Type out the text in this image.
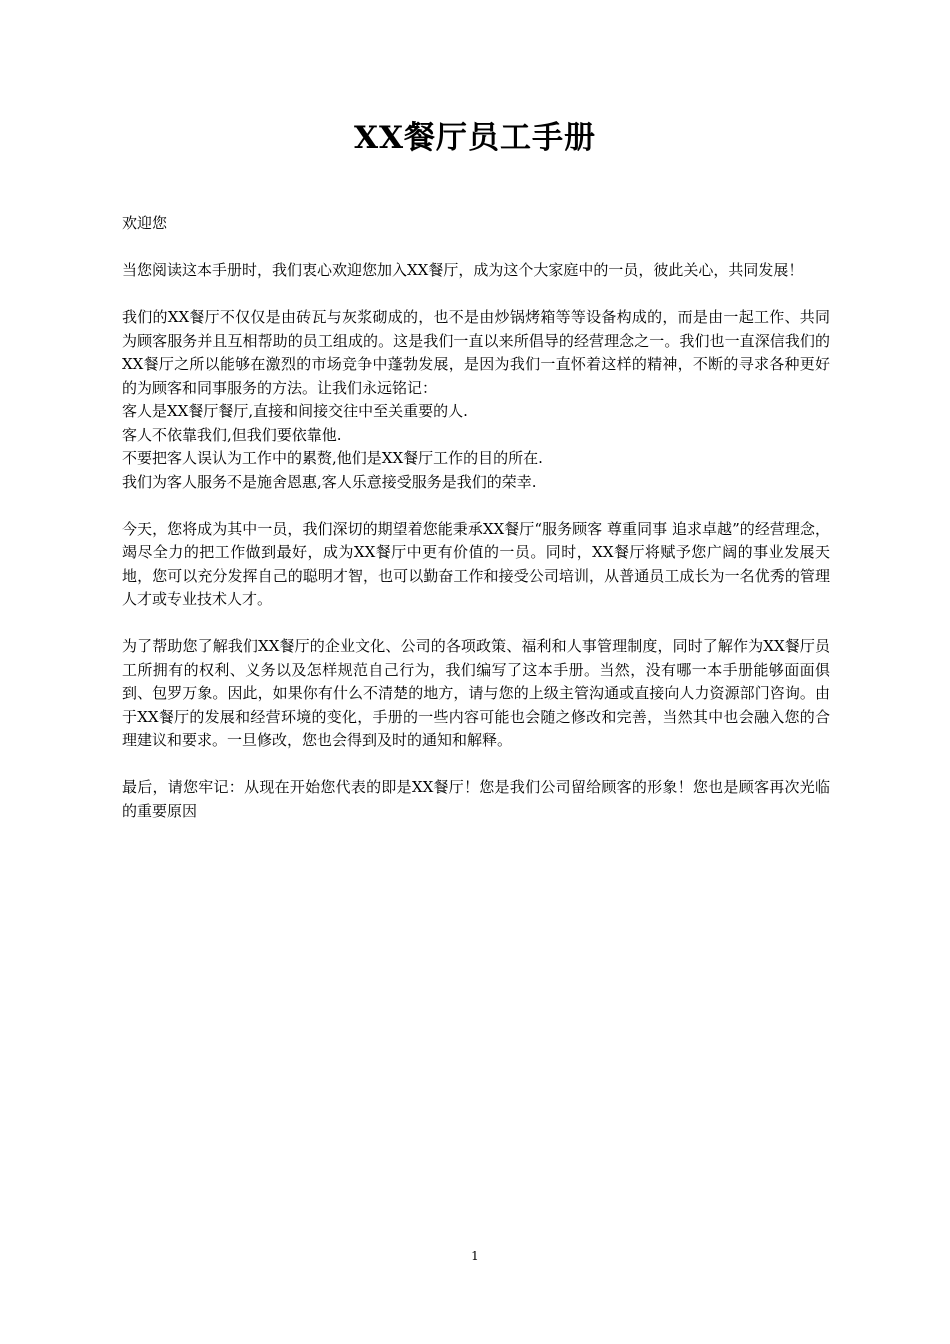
XX餐厅员工手册

欢迎您

当您阅读这本手册时，我们衷心欢迎您加入XX餐厅，成为这个大家庭中的一员，彼此关心，共同发展！

我们的XX餐厅不仅仅是由砖瓦与灰浆砌成的，也不是由炒锅烤箱等等设备构成的，而是由一起工作、共同为顾客服务并且互相帮助的员工组成的。这是我们一直以来所倡导的经营理念之一。我们也一直深信我们的XX餐厅之所以能够在激烈的市场竞争中蓬勃发展，是因为我们一直怀着这样的精神，不断的寻求各种更好的为顾客和同事服务的方法。让我们永远铭记：
客人是XX餐厅餐厅,直接和间接交往中至关重要的人.
客人不依靠我们,但我们要依靠他.
不要把客人误认为工作中的累赘,他们是XX餐厅工作的目的所在.
我们为客人服务不是施舍恩惠,客人乐意接受服务是我们的荣幸.

今天，您将成为其中一员，我们深切的期望着您能秉承XX餐厅“服务顾客 尊重同事 追求卓越”的经营理念，竭尽全力的把工作做到最好，成为XX餐厅中更有价值的一员。同时，XX餐厅将赋予您广阔的事业发展天地，您可以充分发挥自己的聪明才智，也可以勤奋工作和接受公司培训，从普通员工成长为一名优秀的管理人才或专业技术人才。

为了帮助您了解我们XX餐厅的企业文化、公司的各项政策、福利和人事管理制度，同时了解作为XX餐厅员工所拥有的权利、义务以及怎样规范自己行为，我们编写了这本手册。当然，没有哪一本手册能够面面俱到、包罗万象。因此，如果你有什么不清楚的地方，请与您的上级主管沟通或直接向人力资源部门咨询。由于XX餐厅的发展和经营环境的变化，手册的一些内容可能也会随之修改和完善，当然其中也会融入您的合理建议和要求。一旦修改，您也会得到及时的通知和解释。

最后，请您牢记：从现在开始您代表的即是XX餐厅！您是我们公司留给顾客的形象！您也是顾客再次光临的重要原因

1
